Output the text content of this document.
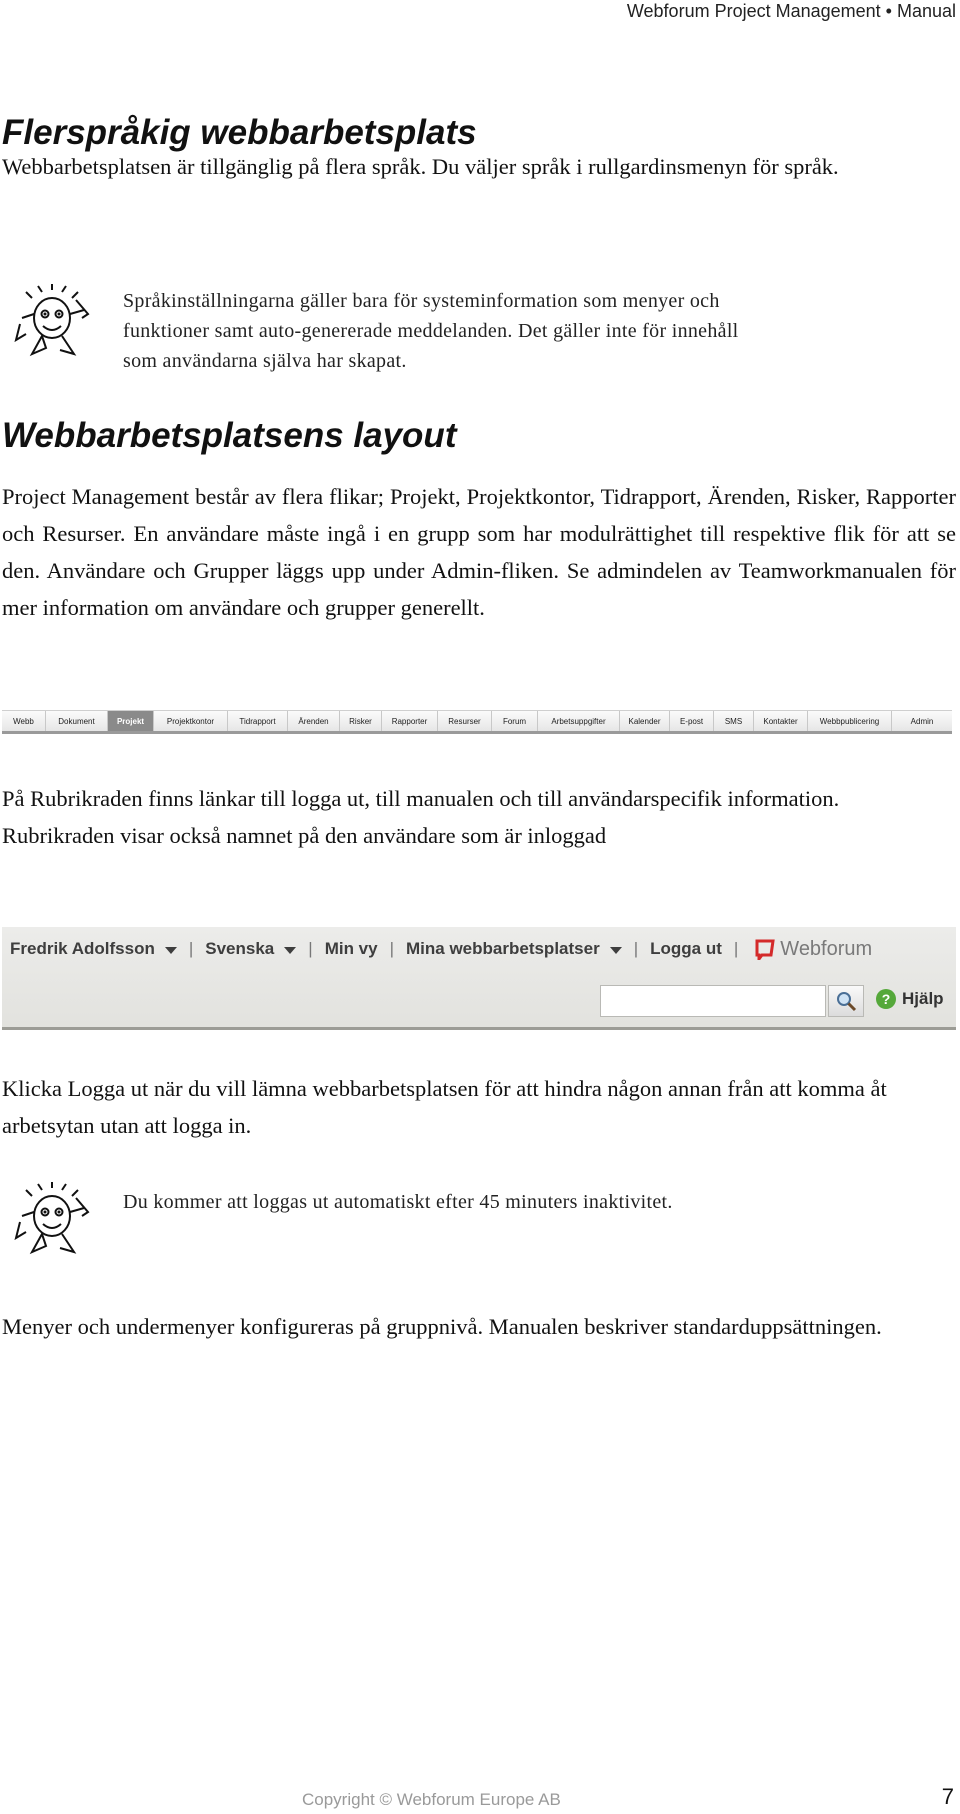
Webforum Project Management • Manual
Flerspråkig webbarbetsplats

Webbarbetsplatsen är tillgänglig på flera språk. Du väljer språk i rullgardinsmenyn för språk.

Språkinställningarna gäller bara för systeminformation som menyer och

funktioner samt auto-genererade meddelanden. Det gäller inte för innehåll

som användarna själva har skapat.

Webbarbetsplatsens layout

Project Management består av flera flikar; Projekt, Projektkontor, Tidrapport, Ärenden, Risker, Rapporter och Resurser. En användare måste ingå i en grupp som har modulrättighet till respektive flik för att se den. Användare och Grupper läggs upp under Admin-fliken. Se admindelen av Teamworkmanualen för mer information om användare och grupper generellt.

Webb	Dokument	Projekt	Projektkontor	Tidrapport	Ärenden	Risker	Rapporter	Resurser	Forum	Arbetsuppgifter	Kalender	E-post	SMS	Kontakter	Webbpublicering	Admin

På Rubrikraden finns länkar till logga ut, till manualen och till användarspecifik information. Rubrikraden visar också namnet på den användare som är inloggad

Fredrik Adolfsson	| Svenska	| Min vy | Mina webbarbetsplatser	| Logga ut | Webforum
? Hjälp

Klicka Logga ut när du vill lämna webbarbetsplatsen för att hindra någon annan från att komma åt arbetsytan utan att logga in.

Du kommer att loggas ut automatiskt efter 45 minuters inaktivitet.

Menyer och undermenyer konfigureras på gruppnivå. Manualen beskriver standarduppsättningen.

Copyright © Webforum Europe AB	7
